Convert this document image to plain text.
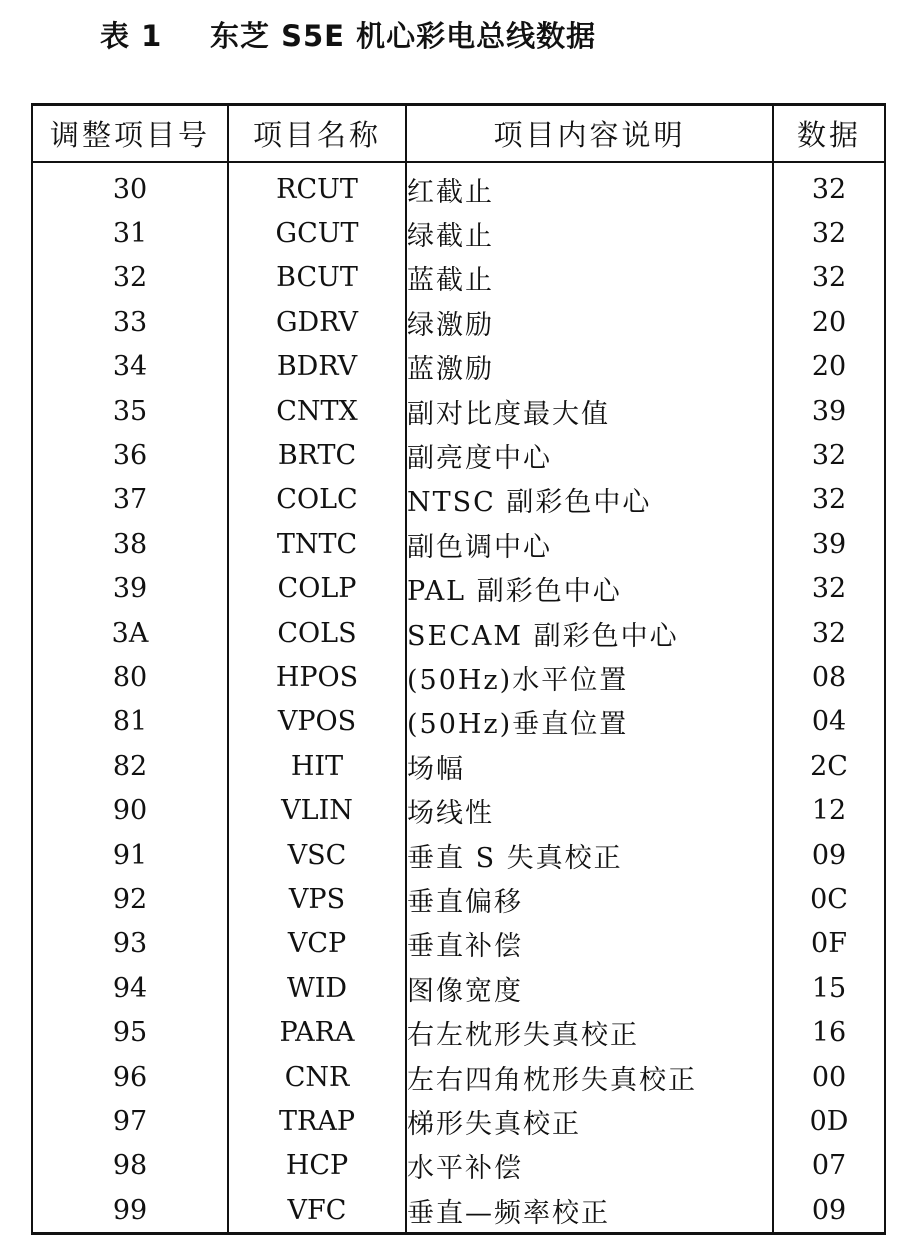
表 1 东芝 S5E 机心彩电总线数据
调整项目号	项目名称	项目内容说明	数据
30	RCUT	红截止	32
31	GCUT	绿截止	32
32	BCUT	蓝截止	32
33	GDRV	绿激励	20
34	BDRV	蓝激励	20
35	CNTX	副对比度最大值	39
36	BRTC	副亮度中心	32
37	COLC	NTSC 副彩色中心	32
38	TNTC	副色调中心	39
39	COLP	PAL 副彩色中心	32
3A	COLS	SECAM 副彩色中心	32
80	HPOS	(50Hz)水平位置	08
81	VPOS	(50Hz)垂直位置	04
82	HIT	场幅	2C
90	VLIN	场线性	12
91	VSC	垂直 S 失真校正	09
92	VPS	垂直偏移	0C
93	VCP	垂直补偿	0F
94	WID	图像宽度	15
95	PARA	右左枕形失真校正	16
96	CNR	左右四角枕形失真校正	00
97	TRAP	梯形失真校正	0D
98	HCP	水平补偿	07
99	VFC	垂直—频率校正	09
